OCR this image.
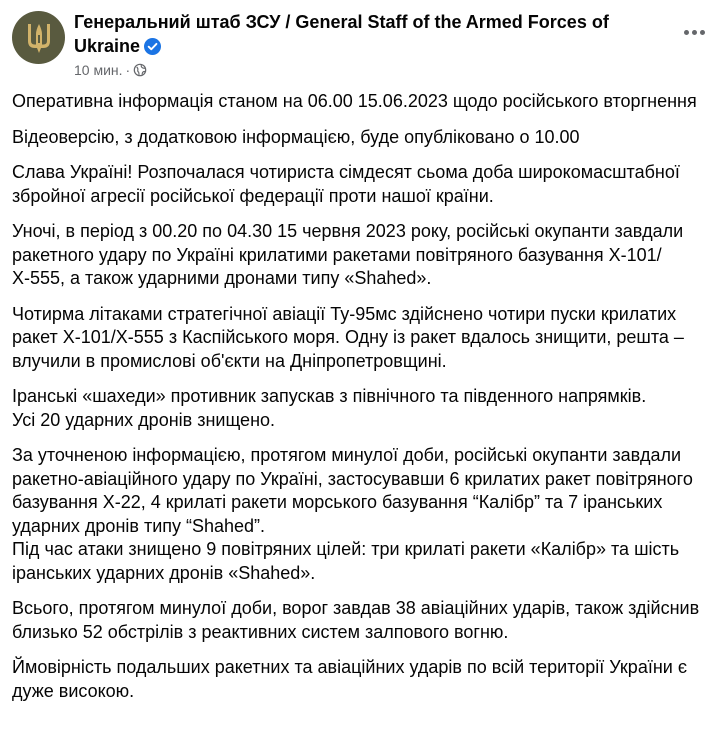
Генеральний штаб ЗСУ / General Staff of the Armed Forces of Ukraine
10 мин. ·

Оперативна інформація станом на 06.00 15.06.2023 щодо російського вторгнення

Відеоверсію, з додатковою інформацією, буде опубліковано о 10.00

Слава Україні! Розпочалася чотириста сімдесят сьома доба широкомасштабної збройної агресії російської федерації проти нашої країни.

Уночі, в період з 00.20 по 04.30 15 червня 2023 року, російські окупанти завдали ракетного удару по Україні крилатими ракетами повітряного базування Х-101/Х-555, а також ударними дронами типу «Shahed».

Чотирма літаками стратегічної авіації Ту-95мс здійснено чотири пуски крилатих ракет Х-101/Х-555 з Каспійського моря. Одну із ракет вдалось знищити, решта – влучили в промислові об'єкти на Дніпропетровщині.

Іранські «шахеди» противник запускав з північного та південного напрямків.
Усі 20 ударних дронів знищено.

За уточненою інформацією, протягом минулої доби, російські окупанти завдали ракетно-авіаційного удару по Україні, застосувавши 6 крилатих ракет повітряного базування Х-22, 4 крилаті ракети морського базування “Калібр” та 7 іранських ударних дронів типу “Shahed”.
Під час атаки знищено 9 повітряних цілей: три крилаті ракети «Калібр» та шість іранських ударних дронів «Shahed».

Всього, протягом минулої доби, ворог завдав 38 авіаційних ударів, також здійснив близько 52 обстрілів з реактивних систем залпового вогню.

Ймовірність подальших ракетних та авіаційних ударів по всій території України є дуже високою.
